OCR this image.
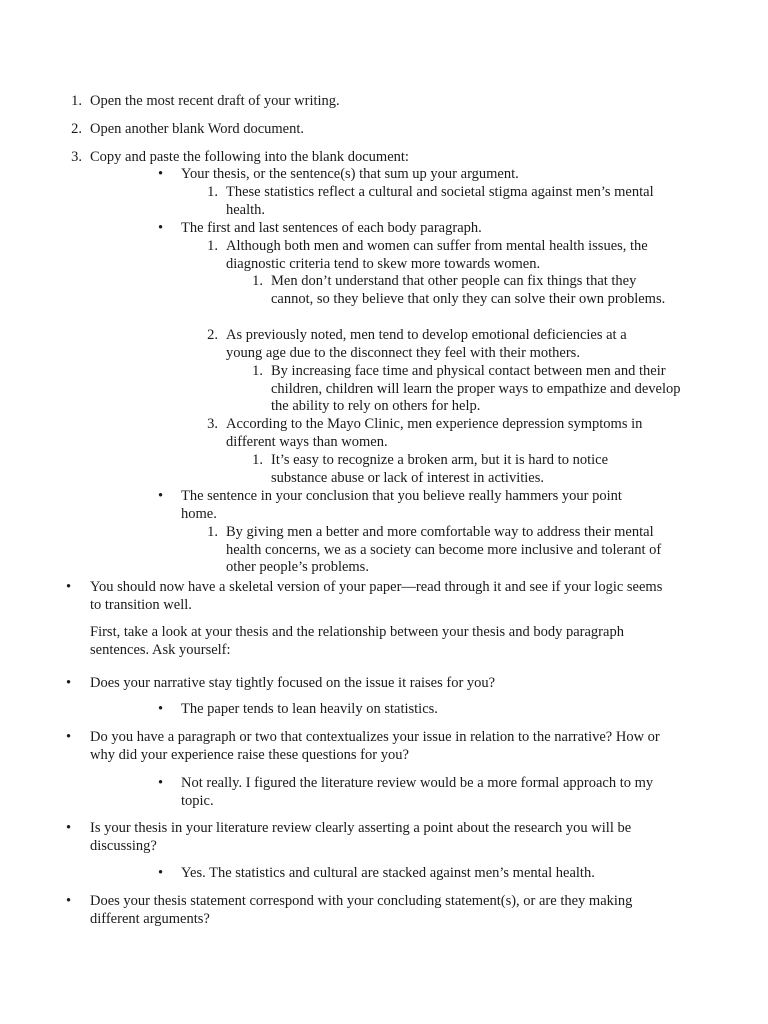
1. Open the most recent draft of your writing.
2. Open another blank Word document.
3. Copy and paste the following into the blank document:
• Your thesis, or the sentence(s) that sum up your argument.
1. These statistics reflect a cultural and societal stigma against men’s mental health.
• The first and last sentences of each body paragraph.
1. Although both men and women can suffer from mental health issues, the diagnostic criteria tend to skew more towards women.
1. Men don’t understand that other people can fix things that they cannot, so they believe that only they can solve their own problems.
2. As previously noted, men tend to develop emotional deficiencies at a young age due to the disconnect they feel with their mothers.
1. By increasing face time and physical contact between men and their children, children will learn the proper ways to empathize and develop the ability to rely on others for help.
3. According to the Mayo Clinic, men experience depression symptoms in different ways than women.
1. It’s easy to recognize a broken arm, but it is hard to notice substance abuse or lack of interest in activities.
• The sentence in your conclusion that you believe really hammers your point home.
1. By giving men a better and more comfortable way to address their mental health concerns, we as a society can become more inclusive and tolerant of other people’s problems.
• You should now have a skeletal version of your paper—read through it and see if your logic seems to transition well.
First, take a look at your thesis and the relationship between your thesis and body paragraph sentences. Ask yourself:
• Does your narrative stay tightly focused on the issue it raises for you?
• The paper tends to lean heavily on statistics.
• Do you have a paragraph or two that contextualizes your issue in relation to the narrative? How or why did your experience raise these questions for you?
• Not really. I figured the literature review would be a more formal approach to my topic.
• Is your thesis in your literature review clearly asserting a point about the research you will be discussing?
• Yes. The statistics and cultural are stacked against men’s mental health.
• Does your thesis statement correspond with your concluding statement(s), or are they making different arguments?
